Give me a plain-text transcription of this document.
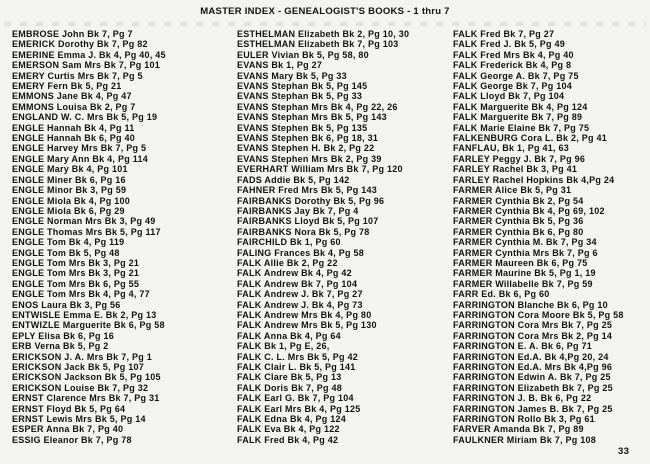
MASTER INDEX - GENEALOGIST'S BOOKS - 1 thru 7
EMBROSE John Bk 7, Pg 7
EMERICK Dorothy Bk 7, Pg 82
EMERINE Emma J. Bk 4, Pg 40, 45
EMERSON Sam Mrs Bk 7, Pg 101
EMERY Curtis Mrs Bk 7, Pg 5
EMERY Fern Bk 5, Pg 21
EMMONS Jane Bk 4, Pg 47
EMMONS Louisa Bk 2, Pg 7
ENGLAND W. C. Mrs Bk 5, Pg 19
ENGLE Hannah Bk 4, Pg 11
ENGLE Hannah Bk 6, Pg 40
ENGLE Harvey Mrs Bk 7, Pg 5
ENGLE Mary Ann Bk 4, Pg 114
ENGLE Mary Bk 4, Pg 101
ENGLE Miner Bk 6, Pg 16
ENGLE Minor Bk 3, Pg 59
ENGLE Miola Bk 4, Pg 100
ENGLE Miola Bk 6, Pg 29
ENGLE Norman Mrs Bk 3, Pg 49
ENGLE Thomas Mrs Bk 5, Pg 117
ENGLE Tom Bk 4, Pg 119
ENGLE Tom Bk 5, Pg 48
ENGLE Tom Mrs Bk 3, Pg 21
ENGLE Tom Mrs Bk 3, Pg 21
ENGLE Tom Mrs Bk 6, Pg 55
ENGLE Tom Mrs Bk 4, Pg 4, 77
ENOS Laura Bk 3, Pg 56
ENTWISLE Emma E. Bk 2, Pg 13
ENTWIZLE Marguerite Bk 6, Pg 58
EPLY Elisa Bk 6, Pg 16
ERB Verna Bk 5, Pg 2
ERICKSON J. A. Mrs Bk 7, Pg 1
ERICKSON Jack Bk 5, Pg 107
ERICKSON Jackson Bk 5, Pg 105
ERICKSON Louise Bk 7, Pg 32
ERNST Clarence Mrs Bk 7, Pg 31
ERNST Floyd Bk 5, Pg 64
ERNST Lewis Mrs Bk 5, Pg 14
ESPER Anna Bk 7, Pg 40
ESSIG Eleanor Bk 7, Pg 78
ESTHELMAN Elizabeth Bk 2, Pg 10, 30
ESTHELMAN Elizabeth Bk 7, Pg 103
EULER Vivian Bk 5, Pg 58, 80
EVANS Bk 1, Pg 27
EVANS Mary Bk 5, Pg 33
EVANS Stephan Bk 5, Pg 145
EVANS Stephan Bk 5, Pg 33
EVANS Stephan Mrs Bk 4, Pg 22, 26
EVANS Stephan Mrs Bk 5, Pg 143
EVANS Stephen Bk 5, Pg 135
EVANS Stephen Bk 6, Pg 18, 31
EVANS Stephen H. Bk 2, Pg 22
EVANS Stephen Mrs Bk 2, Pg 39
EVERHART William Mrs Bk 7, Pg 120
FADS Addie Bk 5, Pg 142
FAHNER Fred Mrs Bk 5, Pg 143
FAIRBANKS Dorothy Bk 5, Pg 96
FAIRBANKS Jay Bk 7, Pg 4
FAIRBANKS Lloyd Bk 5, Pg 107
FAIRBANKS Nora Bk 5, Pg 78
FAIRCHILD Bk 1, Pg 60
FALING Frances Bk 4, Pg 58
FALK Allie Bk 2, Pg 22
FALK Andrew Bk 4, Pg 42
FALK Andrew Bk 7, Pg 104
FALK Andrew J. Bk 7, Pg 27
FALK Andrew J. Bk 4, Pg 73
FALK Andrew Mrs Bk 4, Pg 80
FALK Andrew Mrs Bk 5, Pg 130
FALK Anna Bk 4, Pg 64
FALK Bk 1, Pg E, 26,
FALK C. L. Mrs Bk 5, Pg 42
FALK Clair L. Bk 5, Pg 141
FALK Clare Bk 5, Pg 13
FALK Doris Bk 7, Pg 48
FALK Earl G. Bk 7, Pg 104
FALK Earl Mrs Bk 4, Pg 125
FALK Edna Bk 4, Pg 124
FALK Eva Bk 4, Pg 122
FALK Fred Bk 4, Pg 42
FALK Fred Bk 7, Pg 27
FALK Fred J. Bk 5, Pg 49
FALK Fred Mrs Bk 4, Pg 40
FALK Frederick Bk 4, Pg 8
FALK George A. Bk 7, Pg 75
FALK George Bk 7, Pg 104
FALK Lloyd Bk 7, Pg 104
FALK Marguerite Bk 4, Pg 124
FALK Marguerite Bk 7, Pg 89
FALK Marie Elaine Bk 7, Pg 75
FALKENBURG Cora L. Bk 2, Pg 41
FANFLAU, Bk 1, Pg 41, 63
FARLEY Peggy J. Bk 7, Pg 96
FARLEY Rachel Bk 3, Pg 41
FARLEY Rachel Hopkins Bk 4,Pg 24
FARMER Alice Bk 5, Pg 31
FARMER Cynthia Bk 2, Pg 54
FARMER Cynthia Bk 4, Pg 69, 102
FARMER Cynthia Bk 5, Pg 36
FARMER Cynthia Bk 6, Pg 80
FARMER Cynthia M. Bk 7, Pg 34
FARMER Cynthia Mrs Bk 7, Pg 6
FARMER Maureen Bk 6, Pg 75
FARMER Maurine Bk 5, Pg 1, 19
FARMER Willabelle Bk 7, Pg 59
FARR Ed. Bk 6, Pg 60
FARRINGTON Blanche Bk 6, Pg 10
FARRINGTON Cora Moore Bk 5, Pg 58
FARRINGTON Cora Mrs Bk 7, Pg 25
FARRINGTON Cora Mrs Bk 2, Pg 14
FARRINGTON E. A. Bk 6, Pg 71
FARRINGTON Ed.A. Bk 4,Pg 20, 24
FARRINGTON Ed.A. Mrs Bk 4,Pg 96
FARRINGTON Edwin A. Bk 7, Pg 25
FARRINGTON Elizabeth Bk 7, Pg 25
FARRINGTON J. B. Bk 6, Pg 22
FARRINGTON James B. Bk 7, Pg 25
FARRINGTON Rollo Bk 3, Pg 61
FARVER Amanda Bk 7, Pg 89
FAULKNER Miriam Bk 7, Pg 108
33
